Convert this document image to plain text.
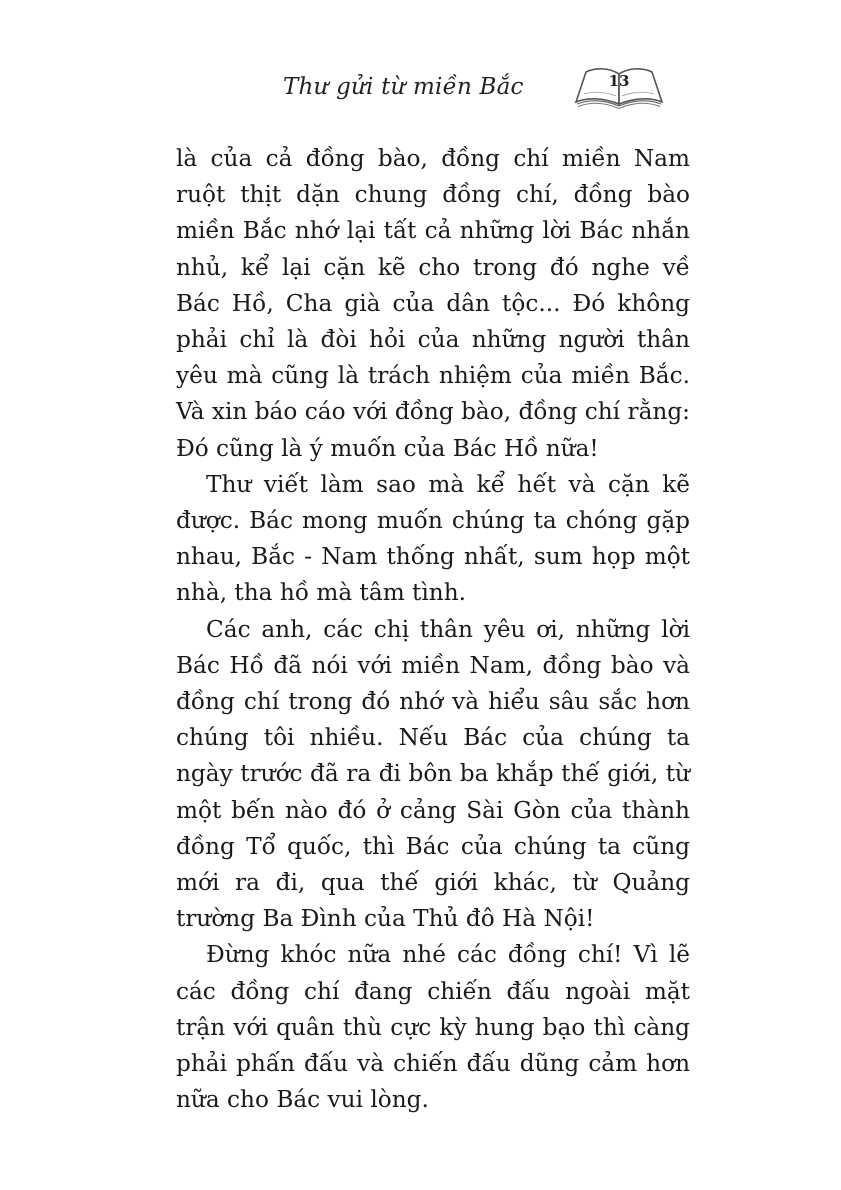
Thư gửi từ miền Bắc	13

là của cả đồng bào, đồng chí miền Nam ruột thịt dặn chung đồng chí, đồng bào miền Bắc nhớ lại tất cả những lời Bác nhắn nhủ, kể lại cặn kẽ cho trong đó nghe về Bác Hồ, Cha già của dân tộc... Đó không phải chỉ là đòi hỏi của những người thân yêu mà cũng là trách nhiệm của miền Bắc. Và xin báo cáo với đồng bào, đồng chí rằng: Đó cũng là ý muốn của Bác Hồ nữa!

Thư viết làm sao mà kể hết và cặn kẽ được. Bác mong muốn chúng ta chóng gặp nhau, Bắc - Nam thống nhất, sum họp một nhà, tha hồ mà tâm tình.

Các anh, các chị thân yêu ơi, những lời Bác Hồ đã nói với miền Nam, đồng bào và đồng chí trong đó nhớ và hiểu sâu sắc hơn chúng tôi nhiều. Nếu Bác của chúng ta ngày trước đã ra đi bôn ba khắp thế giới, từ một bến nào đó ở cảng Sài Gòn của thành đồng Tổ quốc, thì Bác của chúng ta cũng mới ra đi, qua thế giới khác, từ Quảng trường Ba Đình của Thủ đô Hà Nội!

Đừng khóc nữa nhé các đồng chí! Vì lẽ các đồng chí đang chiến đấu ngoài mặt trận với quân thù cực kỳ hung bạo thì càng phải phấn đấu và chiến đấu dũng cảm hơn nữa cho Bác vui lòng.
